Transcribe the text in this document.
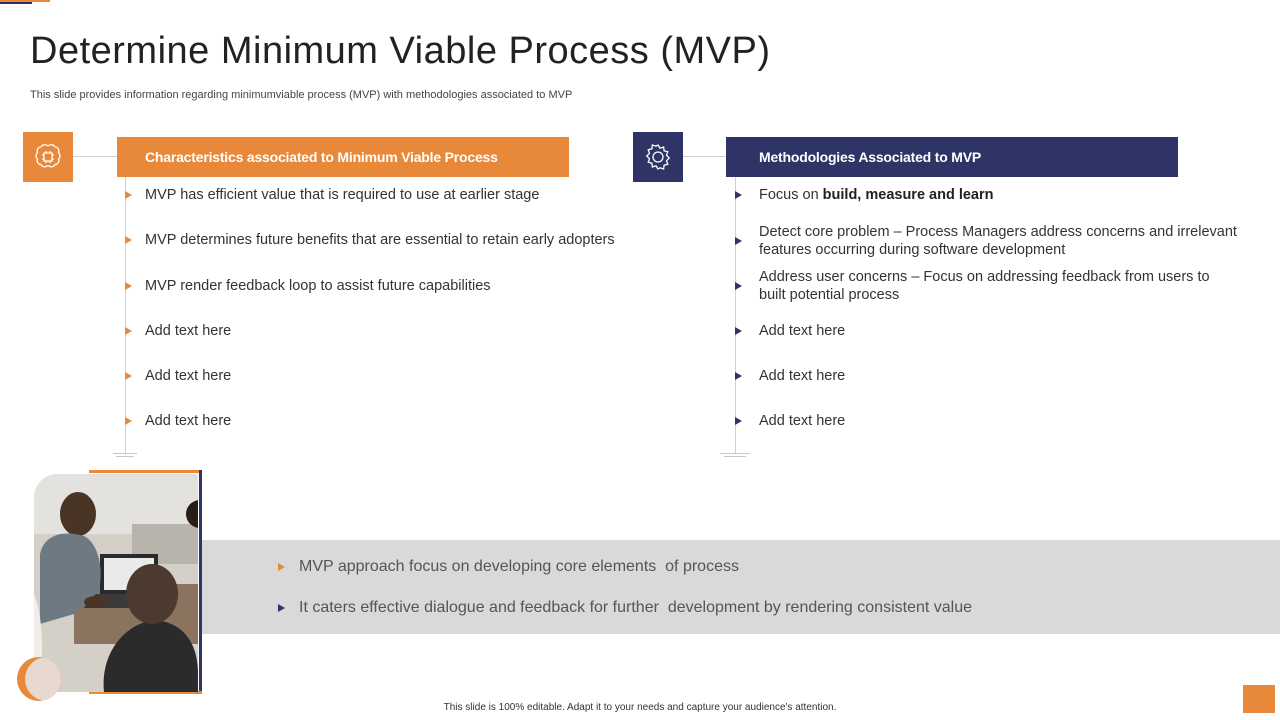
Determine Minimum Viable Process (MVP)

This slide provides information regarding minimumviable process (MVP) with methodologies associated to MVP

Characteristics associated to Minimum Viable Process
MVP has efficient value that is required to use at earlier stage
MVP determines future benefits that are essential to retain early adopters
MVP render feedback loop to assist future capabilities
Add text here
Add text here
Add text here
Methodologies Associated to MVP
Focus on build, measure and learn
Detect core problem – Process Managers address concerns and irrelevant features occurring during software development
Address user concerns – Focus on addressing feedback from users to built potential process
Add text here
Add text here
Add text here
MVP approach focus on developing core elements  of process
It caters effective dialogue and feedback for further  development by rendering consistent value
This slide is 100% editable. Adapt it to your needs and capture your audience's attention.
